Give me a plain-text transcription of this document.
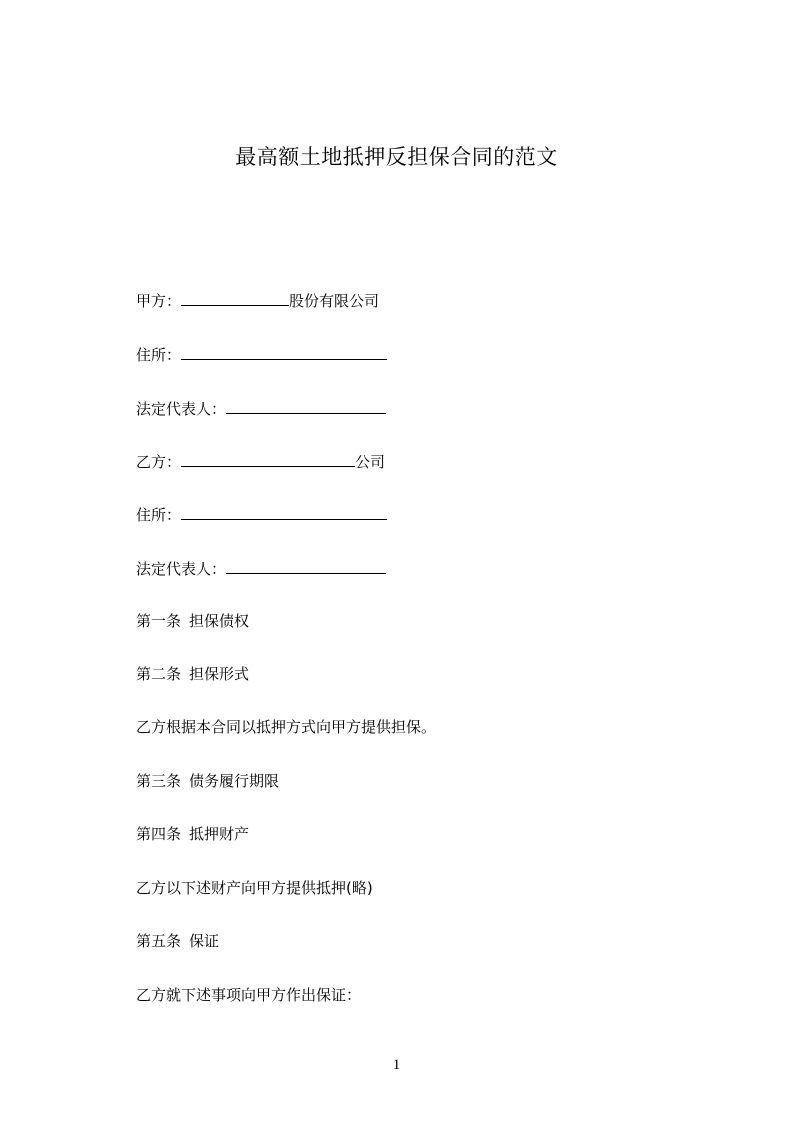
最高额土地抵押反担保合同的范文

甲方：	股份有限公司

住所：

法定代表人：

乙方：	公司

住所：

法定代表人：

第一条 担保债权

第二条 担保形式

乙方根据本合同以抵押方式向甲方提供担保。

第三条 债务履行期限

第四条 抵押财产

乙方以下述财产向甲方提供抵押(略)

第五条 保证

乙方就下述事项向甲方作出保证：

1
